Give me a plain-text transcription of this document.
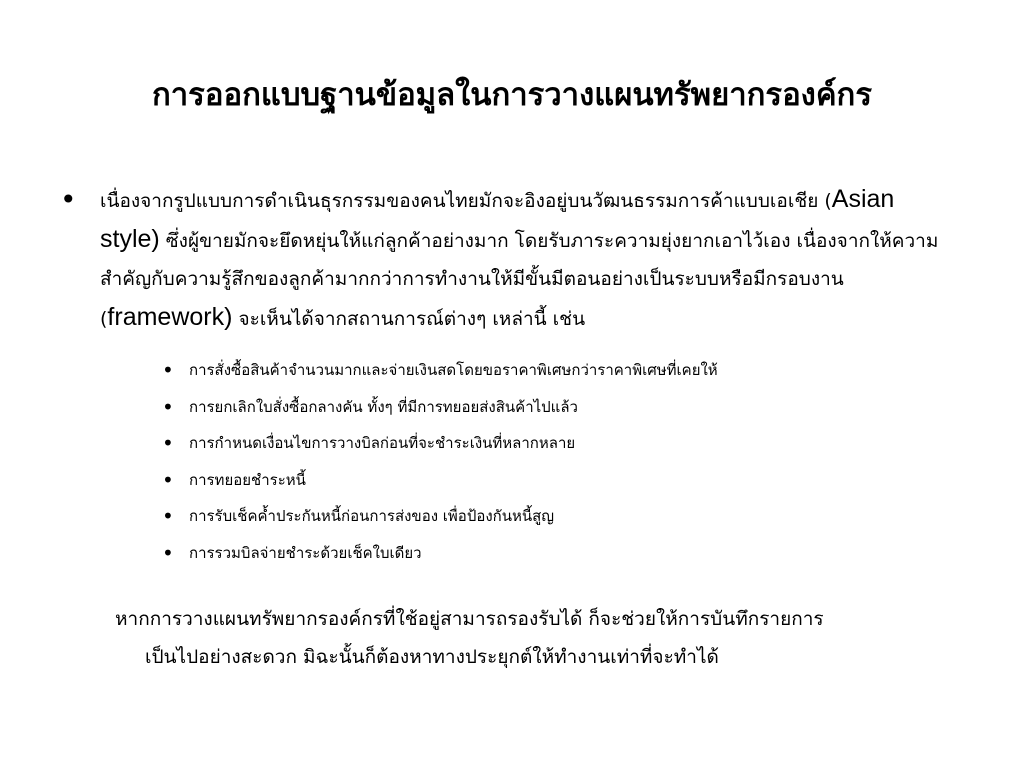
การออกแบบฐานข้อมูลในการวางแผนทรัพยากรองค์กร
• เนื่องจากรูปแบบการดำเนินธุรกรรมของคนไทยมักจะอิงอยู่บนวัฒนธรรมการค้าแบบเอเชีย (Asian style) ซึ่งผู้ขายมักจะยึดหยุ่นให้แก่ลูกค้าอย่างมาก โดยรับภาระความยุ่งยากเอาไว้เอง เนื่องจากให้ความสำคัญกับความรู้สึกของลูกค้ามากกว่าการทำงานให้มีขั้นมีตอนอย่างเป็นระบบหรือมีกรอบงาน (framework) จะเห็นได้จากสถานการณ์ต่างๆ เหล่านี้ เช่น
• การสั่งซื้อสินค้าจำนวนมากและจ่ายเงินสดโดยขอราคาพิเศษกว่าราคาพิเศษที่เคยให้
• การยกเลิกใบสั่งซื้อกลางคัน ทั้งๆ ที่มีการทยอยส่งสินค้าไปแล้ว
• การกำหนดเงื่อนไขการวางบิลก่อนที่จะชำระเงินที่หลากหลาย
• การทยอยชำระหนี้
• การรับเช็คค้ำประกันหนี้ก่อนการส่งของ เพื่อป้องกันหนี้สูญ
• การรวมบิลจ่ายชำระด้วยเช็คใบเดียว
หากการวางแผนทรัพยากรองค์กรที่ใช้อยู่สามารถรองรับได้ ก็จะช่วยให้การบันทึกรายการ
เป็นไปอย่างสะดวก มิฉะนั้นก็ต้องหาทางประยุกต์ให้ทำงานเท่าที่จะทำได้
